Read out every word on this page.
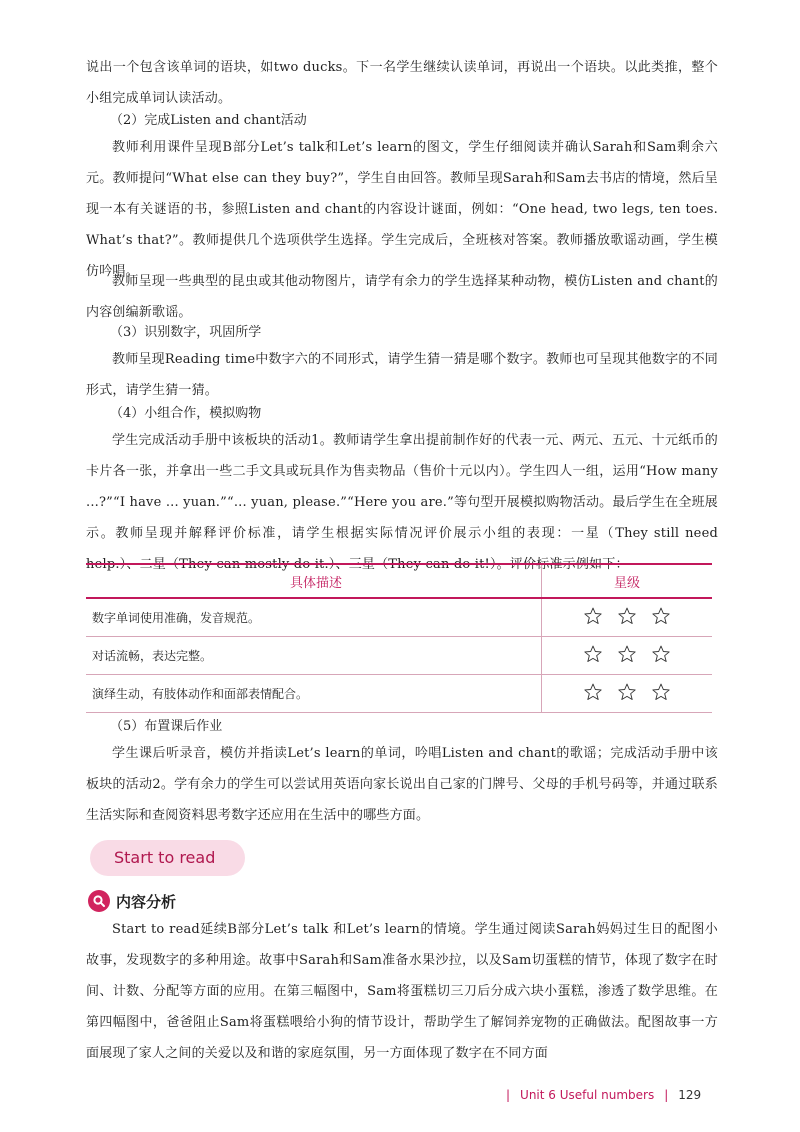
说出一个包含该单词的语块，如two ducks。下一名学生继续认读单词，再说出一个语块。以此类推，整个小组完成单词认读活动。

（2）完成Listen and chant活动

教师利用课件呈现B部分Let’s talk和Let’s learn的图文，学生仔细阅读并确认Sarah和Sam剩余六元。教师提问“What else can they buy?”，学生自由回答。教师呈现Sarah和Sam去书店的情境，然后呈现一本有关谜语的书，参照Listen and chant的内容设计谜面，例如：“One head, two legs, ten toes. What’s that?”。教师提供几个选项供学生选择。学生完成后，全班核对答案。教师播放歌谣动画，学生模仿吟唱。

教师呈现一些典型的昆虫或其他动物图片，请学有余力的学生选择某种动物，模仿Listen and chant的内容创编新歌谣。

（3）识别数字，巩固所学

教师呈现Reading time中数字六的不同形式，请学生猜一猜是哪个数字。教师也可呈现其他数字的不同形式，请学生猜一猜。

（4）小组合作，模拟购物

学生完成活动手册中该板块的活动1。教师请学生拿出提前制作好的代表一元、两元、五元、十元纸币的卡片各一张，并拿出一些二手文具或玩具作为售卖物品（售价十元以内）。学生四人一组，运用“How many ...?”“I have ... yuan.”“... yuan, please.”“Here you are.”等句型开展模拟购物活动。最后学生在全班展示。教师呈现并解释评价标准，请学生根据实际情况评价展示小组的表现：一星（They still need help.）、二星（They can mostly do it.）、三星（They can do it!）。评价标准示例如下：

具体描述	星级
数字单词使用准确，发音规范。	

对话流畅，表达完整。	

演绎生动，有肢体动作和面部表情配合。	

（5）布置课后作业

学生课后听录音，模仿并指读Let’s learn的单词，吟唱Listen and chant的歌谣；完成活动手册中该板块的活动2。学有余力的学生可以尝试用英语向家长说出自己家的门牌号、父母的手机号码等，并通过联系生活实际和查阅资料思考数字还应用在生活中的哪些方面。

Start to read
内容分析

Start to read延续B部分Let’s talk 和Let’s learn的情境。学生通过阅读Sarah妈妈过生日的配图小故事，发现数字的多种用途。故事中Sarah和Sam准备水果沙拉，以及Sam切蛋糕的情节，体现了数字在时间、计数、分配等方面的应用。在第三幅图中，Sam将蛋糕切三刀后分成六块小蛋糕，渗透了数学思维。在第四幅图中，爸爸阻止Sam将蛋糕喂给小狗的情节设计，帮助学生了解饲养宠物的正确做法。配图故事一方面展现了家人之间的关爱以及和谐的家庭氛围，另一方面体现了数字在不同方面

| Unit 6 Useful numbers | 129
